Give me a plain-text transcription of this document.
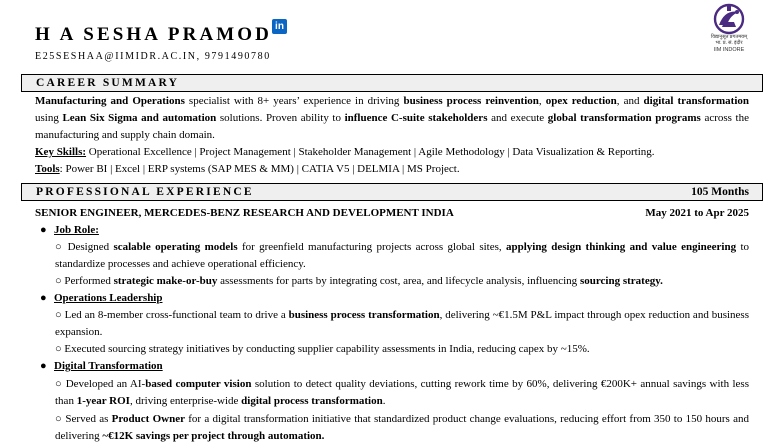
H A SESHA PRAMOD in
E25SESHAA@IIMIDR.AC.IN, 9791490780
विद्यानुसूत प्रगतमयम्
भा. प्र. सं. इंदौर
IIM INDORE
CAREER SUMMARY
Manufacturing and Operations specialist with 8+ years’ experience in driving business process reinvention, opex reduction, and digital transformation using Lean Six Sigma and automation solutions. Proven ability to influence C-suite stakeholders and execute global transformation programs across the manufacturing and supply chain domain.
Key Skills: Operational Excellence | Project Management | Stakeholder Management | Agile Methodology | Data Visualization & Reporting.
Tools: Power BI | Excel | ERP systems (SAP MES & MM) | CATIA V5 | DELMIA | MS Project.
PROFESSIONAL EXPERIENCE	105 Months
SENIOR ENGINEER, MERCEDES-BENZ RESEARCH AND DEVELOPMENT INDIA	May 2021 to Apr 2025
● Job Role:
○ Designed scalable operating models for greenfield manufacturing projects across global sites, applying design thinking and value engineering to standardize processes and achieve operational efficiency.
○ Performed strategic make-or-buy assessments for parts by integrating cost, area, and lifecycle analysis, influencing sourcing strategy.
● Operations Leadership
○ Led an 8-member cross-functional team to drive a business process transformation, delivering ~€1.5M P&L impact through opex reduction and business expansion.
○ Executed sourcing strategy initiatives by conducting supplier capability assessments in India, reducing capex by ~15%.
● Digital Transformation
○ Developed an AI-based computer vision solution to detect quality deviations, cutting rework time by 60%, delivering €200K+ annual savings with less than 1-year ROI, driving enterprise-wide digital process transformation.
○ Served as Product Owner for a digital transformation initiative that standardized product change evaluations, reducing effort from 350 to 150 hours and delivering ~€12K savings per project through automation.
